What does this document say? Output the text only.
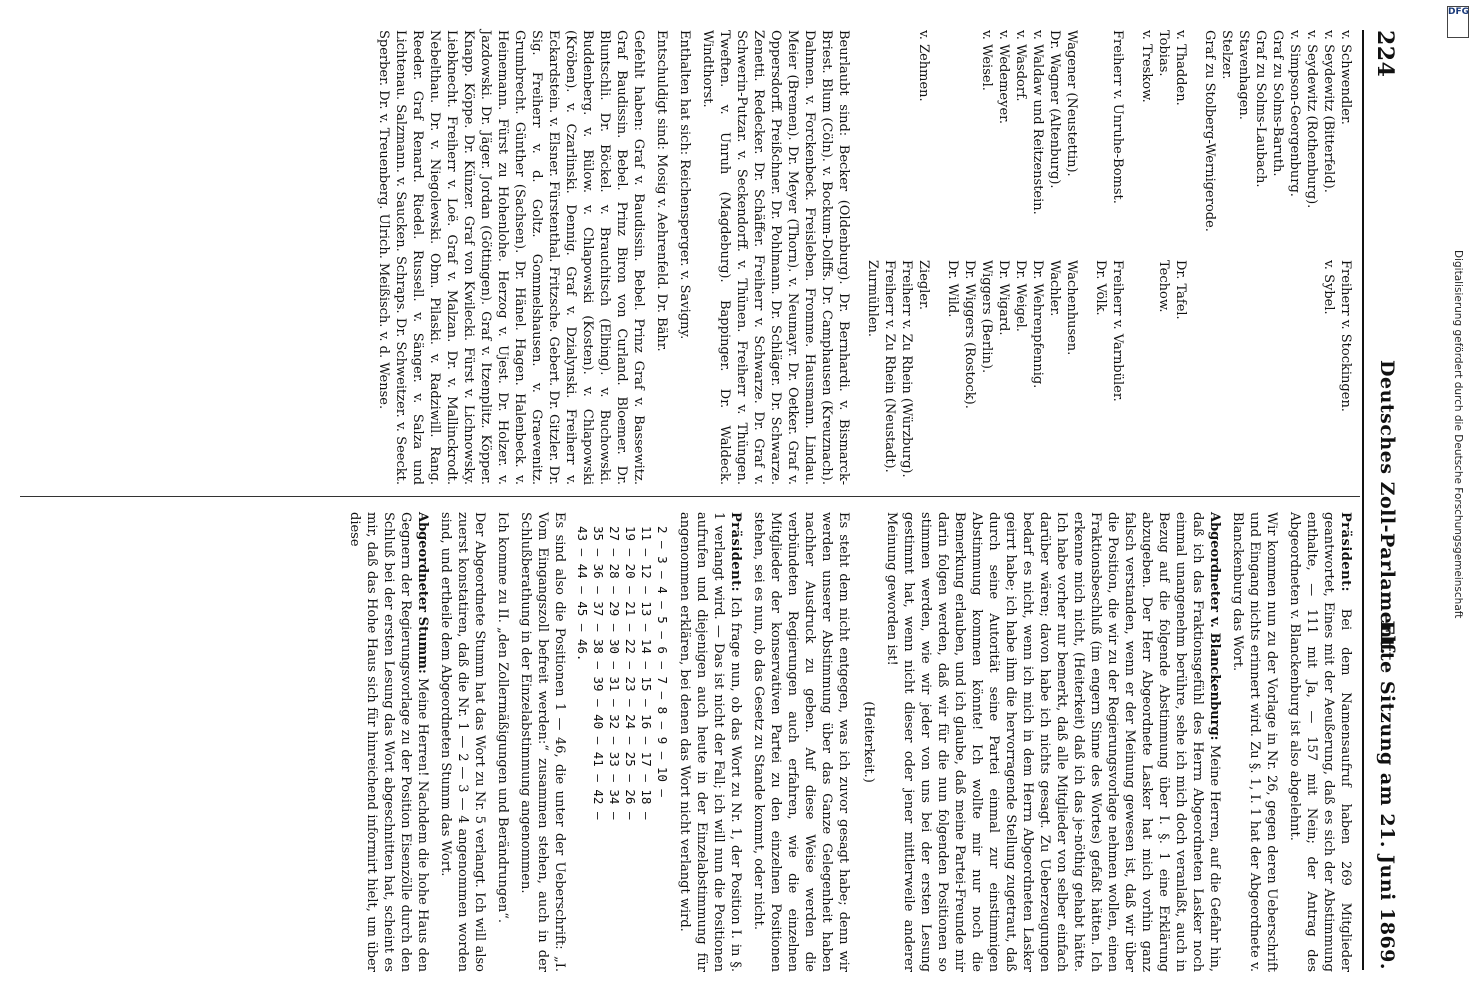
224
Deutsches Zoll-Parlament.
Elfte Sitzung am 21. Juni 1869.
v. Schwendler.
v. Seydewitz (Bitterfeld).
v. Seydewitz (Rothenburg).
v. Simpson-Georgenburg.
Graf zu Solms-Baruth.
Graf zu Solms-Laubach.
Stavenhagen.
Stelzer.
Graf zu Stolberg-Wernigerode.
Freiherr v. Stockingen.
v. Sybel.
v. Thadden.
Tobias.
v. Treskow.
Dr. Tafel.
Techow.
Freiherr v. Unruhe-Bomst.
Freiherr v. Varnbüler.
Dr. Völk.
Wagener (Neustettin).
Dr. Wagner (Altenburg).
v. Waldaw und Reitzenstein.
v. Wasdorf.
v. Wedemeyer.
v. Weisel.
Wachenhusen.
Wachler.
Dr. Wehrenpfennig.
Dr. Weigel.
Dr. Wigard.
Wiggers (Berlin).
Dr. Wiggers (Rostock).
Dr. Wild.
v. Zehmen.
Ziegler.
Freiherr v. Zu Rhein (Würzburg).
Freiherr v. Zu Rhein (Neustadt).
Zurmühlen.

Beurlaubt sind: Becker (Oldenburg). Dr. Bernhardi. v. Bismarck-Briest. Blum (Cöln). v. Bockum-Dolffs. Dr. Camphausen (Kreuznach). Dahmen. v. Forckenbeck. Freisleben. Fromme. Hausmann. Lindau. Meier (Bremen). Dr. Meyer (Thorn). v. Neumayr. Dr. Oetker. Graf v. Oppersdorff. Preißchner. Dr. Pohlmann. Dr. Schläger. Dr. Schwarze. Zenetti. Redecker. Dr. Schäffer. Freiherr v. Schwarze. Dr. Graf v. Schwerin-Putzar. v. Seckendorff. v. Thünen. Freiherr v. Thüngen. Tweften. v. Unruh (Magdeburg). Bappinger. Dr. Waldeck. Windthorst.

Enthalten hat sich: Reichensperger. v. Savigny.

Entschuldigt sind: Mosig v. Aehrenfeld. Dr. Bähr.

Gefehlt haben: Graf v. Baudissin. Bebel. Prinz Graf v. Bassewitz. Graf Baudissin. Bebel. Prinz Biron von Curland. Bloemer. Dr. Bluntschli. Dr. Böckel. v. Brauchitsch (Elbing). v. Buchowski. Buddenberg. v. Bülow. v. Chlapowski (Kosten). v. Chlapowski (Kröben). v. Czarlinski. Dennig. Graf v. Dzialynski. Freiherr v. Eckardstein. v. Elsner. Fürstenthal. Fritzsche. Gebert. Dr. Gitzler. Dr. Sig. Freiherr v. d. Goltz. Gommelshausen. v. Graevenitz. Grumbrecht. Günther (Sachsen). Dr. Hänel. Hagen. Halenbeck. v. Heinemann. Fürst zu Hohenlohe. Herzog v. Ujest. Dr. Holzer. v. Jazdowski. Dr. Jäger. Jordan (Göttingen). Graf v. Itzenplitz. Köpper. Knapp. Köppe. Dr. Künzer. Graf von Kwilecki. Fürst v. Lichnowsky. Liebknecht. Freiherr v. Loë. Graf v. Malzan. Dr. v. Mallinckrodt. Nebelthau. Dr. v. Niegolewski. Obm. Pilaski. v. Radziwill. Rang. Reeder. Graf Renard. Riedel. Russell. v. Sänger. v. Salza und Lichtenau. Salzmann. v. Saucken. Schraps. Dr. Schweitzer. v. Seeckt. Sperber. Dr. v. Treuenberg. Ulrich. Meißisch. v. d. Wense.

Präsident: Bei dem Namensaufruf haben 269 Mitglieder geantwortet, Eines mit der Aeußerung, daß es sich der Abstimmung enthalte, — 111 mit Ja, — 157 mit Nein; der Antrag des Abgeordneten v. Blanckenburg ist also abgelehnt.

Wir kommen nun zu der Vorlage in Nr. 26, gegen deren Ueberschrift und Eingang nichts erinnert wird. Zu §. 1, I. 1 hat der Abgeordnete v. Blanckenburg das Wort.

Abgeordneter v. Blanckenburg: Meine Herren, auf die Gefahr hin, daß ich das Fraktionsgefühl des Herrn Abgeordneten Lasker noch einmal unangenehm berühre, sehe ich mich doch veranlaßt, auch in Bezug auf die folgende Abstimmung über I. §. 1 eine Erklärung abzugeben. Der Herr Abgeordnete Lasker hat mich vorhin ganz falsch verstanden, wenn er der Meinung gewesen ist, daß wir über die Position, die wir zu der Regierungsvorlage nehmen wollen, einen Fraktionsbeschluß (im engern Sinne des Wortes) gefaßt hätten. Ich erkenne mich nicht, (Heiterkeit) daß ich das je-nöthig gehabt hätte. Ich habe vorher nur bemerkt, daß alle Mitglieder von selber einfach darüber wären; davon habe ich nichts gesagt. Zu Ueberzeugungen bedarf es nicht, wenn ich mich in dem Herrn Abgeordneten Lasker geirrt habe; ich habe ihm die hervorragende Stellung zugetraut, daß durch seine Autorität seine Partei einmal zur einstimmigen Abstimmung kommen könnte! Ich wollte mir nur noch die Bemerkung erlauben, und ich glaube, daß meine Partei-Freunde mir darin folgen werden, daß wir für die nun folgenden Positionen so stimmen werden, wie wir jeder von uns bei der ersten Lesung gestimmt hat, wenn nicht dieser oder jener mittlerweile anderer Meinung geworden ist!

(Heiterkeit.)

Es steht dem nicht entgegen, was ich zuvor gesagt habe; denn wir werden unserer Abstimmung über das Ganze Gelegenheit haben nachher Ausdruck zu geben. Auf diese Weise werden die verbündeten Regierungen auch erfahren, wie die einzelnen Mitglieder der konservativen Partei zu den einzelnen Positionen stehen, sei es nun, ob das Gesetz zu Stande kommt, oder nicht.

Präsident: Ich frage nun, ob das Wort zu Nr. 1, der Position I. in §. 1 verlangt wird. — Das ist nicht der Fall; ich will nun die Positionen aufrufen und diejenigen auch heute in der Einzelabstimmung für angenommen erklären, bei denen das Wort nicht verlangt wird.

2 — 3 — 4 — 5 — 6 — 7 — 8 — 9 — 10 —
11 — 12 — 13 — 14 — 15 — 16 — 17 — 18 —
19 — 20 — 21 — 22 — 23 — 24 — 25 — 26 —
27 — 28 — 29 — 30 — 31 — 32 — 33 — 34 —
35 — 36 — 37 — 38 — 39 — 40 — 41 — 42 —
43 — 44 — 45 — 46.

Es sind also die Positionen 1 — 46, die unter der Ueberschrift: „I. Vom Eingangszoll befreit werden:“ zusammen stehen, auch in der Schlußberathung in der Einzelabstimmung angenommen.

Ich komme zu II. „den Zollermäßigungen und Berändrungen“.

Der Abgeordnete Stumm hat das Wort zu Nr. 5 verlangt. Ich will also zuerst konstatiren, daß die Nr. 1 — 2 — 3 — 4 angenommen worden sind, und ertheile dem Abgeordneten Stumm das Wort.

Abgeordneter Stumm: Meine Herren! Nachdem die hohe Haus den Gegnern der Regierungsvorlage zu der Position Eisenzölle durch den Schluß bei der ersten Lesung das Wort abgeschnitten hat, scheint es mir, daß das Hohe Haus sich für hinreichend informirt hielt, um über diese

DFG
Digitalisierung gefördert durch die Deutsche Forschungsgemeinschaft
